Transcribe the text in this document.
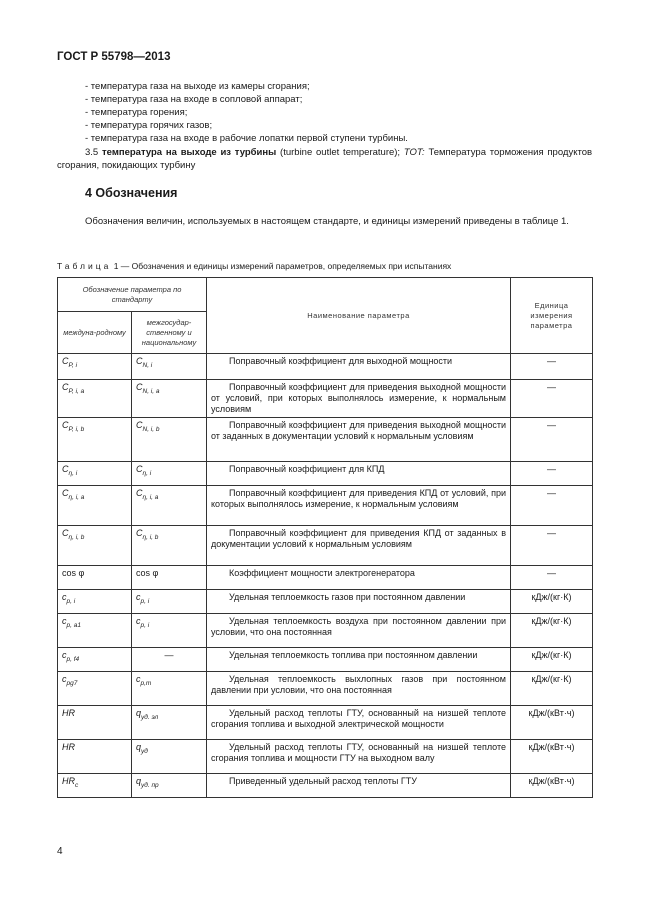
ГОСТ Р 55798—2013
- температура газа на выходе из камеры сгорания;
- температура газа на входе в сопловой аппарат;
- температура горения;
- температура горячих газов;
- температура газа на входе в рабочие лопатки первой ступени турбины.
3.5 температура на выходе из турбины (turbine outlet temperature); TOT: Температура торможения продуктов сгорания, покидающих турбину
4 Обозначения
Обозначения величин, используемых в настоящем стандарте, и единицы измерений приведены в таблице 1.
Таблица 1 — Обозначения и единицы измерений параметров, определяемых при испытаниях
Обозначение параметра по стандарту		Наименование параметра	Единица измерения параметра
междуна-родному	межгосудар-ственному и национальному		
$C_{P, i}$	$C_{N, i}$	Поправочный коэффициент для выходной мощности	—
$C_{P, i, a}$	$C_{N, i, a}$	Поправочный коэффициент для приведения выходной мощности от условий, при которых выполнялось измерение, к нормальным условиям	—
$C_{P, i, b}$	$C_{N, i, b}$	Поправочный коэффициент для приведения выходной мощности от заданных в документации условий к нормальным условиям	—
$C_{\eta, i}$	$C_{\eta, i}$	Поправочный коэффициент для КПД	—
$C_{\eta, i, a}$	$C_{\eta, i, a}$	Поправочный коэффициент для приведения КПД от условий, при которых выполнялось измерение, к нормальным условиям	—
$C_{\eta, i, b}$	$C_{\eta, i, b}$	Поправочный коэффициент для приведения КПД от заданных в документации условий к нормальным условиям	—
cos φ	cos φ	Коэффициент мощности электрогенератора	—
$c_{p, i}$	$c_{p, i}$	Удельная теплоемкость газов при постоянном давлении	кДж/(кг·К)
$c_{p, a1}$	$c_{p, i}$	Удельная теплоемкость воздуха при постоянном давлении при условии, что она постоянная	кДж/(кг·К)
$c_{p, f4}$	—	Удельная теплоемкость топлива при постоянном давлении	кДж/(кг·К)
$c_{pg7}$	$c_{p,m}$	Удельная теплоемкость выхлопных газов при постоянном давлении при условии, что она постоянная	кДж/(кг·К)
HR	$q_{уд. эл}$	Удельный расход теплоты ГТУ, основанный на низшей теплоте сгорания топлива и выходной электрической мощности	кДж/(кВт·ч)
HR	$q_{уд}$	Удельный расход теплоты ГТУ, основанный на низшей теплоте сгорания топлива и мощности ГТУ на выходном валу	кДж/(кВт·ч)
$HR_c$	$q_{уд. пр}$	Приведенный удельный расход теплоты ГТУ	кДж/(кВт·ч)
4
